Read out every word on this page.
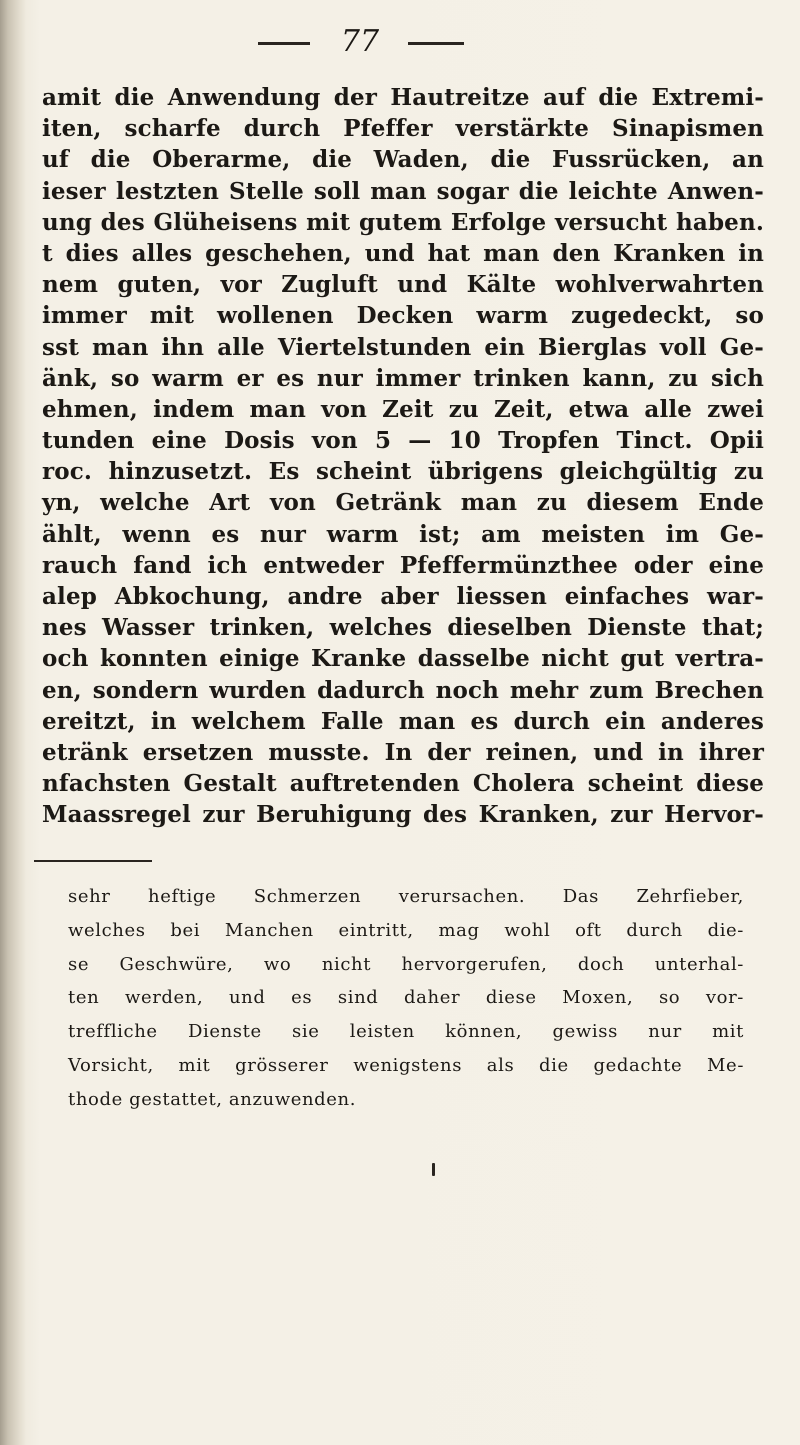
77
amit die Anwendung der Hautreitze auf die Extremi-
iten, scharfe durch Pfeffer verstärkte Sinapismen
uf die Oberarme, die Waden, die Fussrücken, an
ieser lestzten Stelle soll man sogar die leichte Anwen-
ung des Glüheisens mit gutem Erfolge versucht haben.
t dies alles geschehen, und hat man den Kranken in
nem guten, vor Zugluft und Kälte wohlverwahrten
immer mit wollenen Decken warm zugedeckt, so
sst man ihn alle Viertelstunden ein Bierglas voll Ge-
änk, so warm er es nur immer trinken kann, zu sich
ehmen, indem man von Zeit zu Zeit, etwa alle zwei
tunden eine Dosis von 5 — 10 Tropfen Tinct. Opii
roc. hinzusetzt. Es scheint übrigens gleichgültig zu
yn, welche Art von Getränk man zu diesem Ende
ählt, wenn es nur warm ist; am meisten im Ge-
rauch fand ich entweder Pfeffermünzthee oder eine
alep Abkochung, andre aber liessen einfaches war-
nes Wasser trinken, welches dieselben Dienste that;
och konnten einige Kranke dasselbe nicht gut vertra-
en, sondern wurden dadurch noch mehr zum Brechen
ereitzt, in welchem Falle man es durch ein anderes
etränk ersetzen musste. In der reinen, und in ihrer
nfachsten Gestalt auftretenden Cholera scheint diese
Maassregel zur Beruhigung des Kranken, zur Hervor-
sehr heftige Schmerzen verursachen. Das Zehrfieber,
welches bei Manchen eintritt, mag wohl oft durch die-
se Geschwüre, wo nicht hervorgerufen, doch unterhal-
ten werden, und es sind daher diese Moxen, so vor-
treffliche Dienste sie leisten können, gewiss nur mit
Vorsicht, mit grösserer wenigstens als die gedachte Me-
thode gestattet, anzuwenden.
